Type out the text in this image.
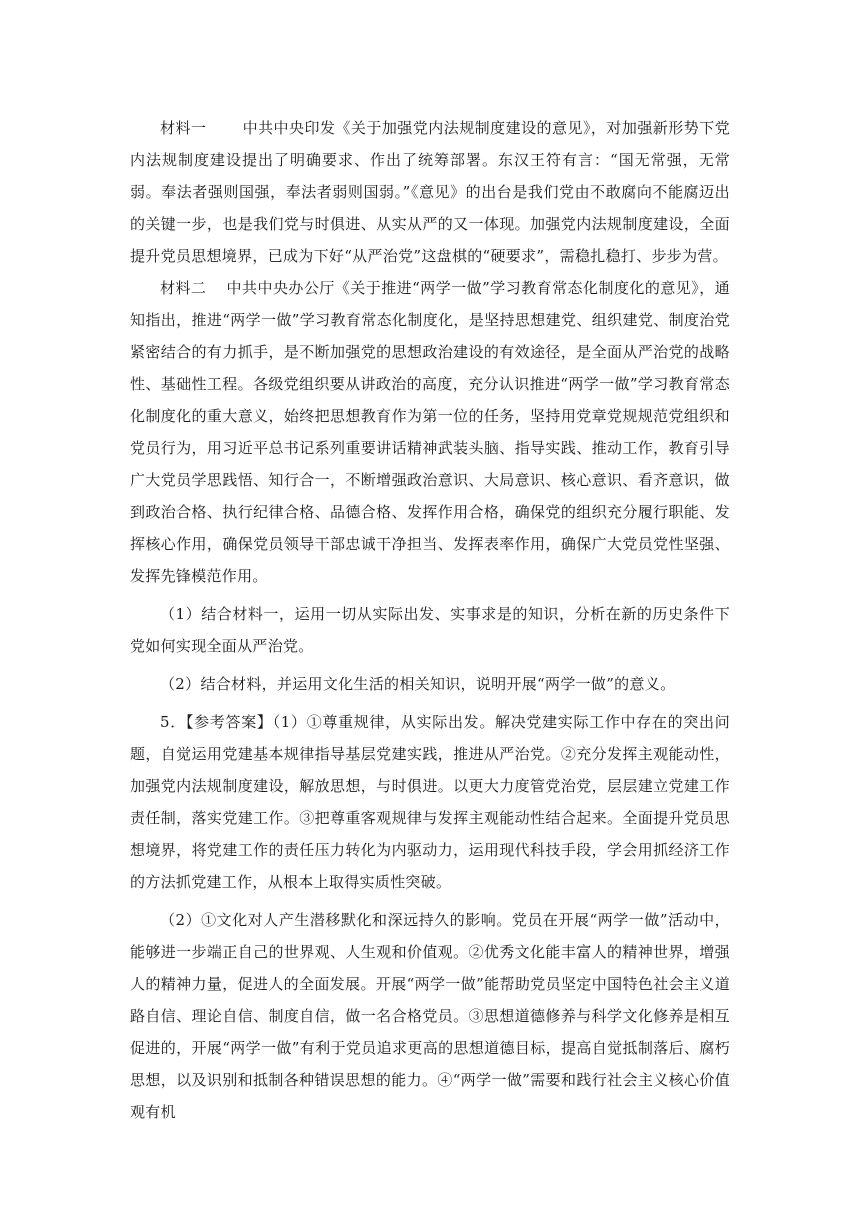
材料一 中共中央印发《关于加强党内法规制度建设的意见》，对加强新形势下党内法规制度建设提出了明确要求、作出了统筹部署。东汉王符有言：“国无常强，无常弱。奉法者强则国强，奉法者弱则国弱。”《意见》的出台是我们党由不敢腐向不能腐迈出的关键一步，也是我们党与时俱进、从实从严的又一体现。加强党内法规制度建设，全面提升党员思想境界，已成为下好“从严治党”这盘棋的“硬要求”，需稳扎稳打、步步为营。

材料二 中共中央办公厅《关于推进“两学一做”学习教育常态化制度化的意见》，通知指出，推进“两学一做”学习教育常态化制度化，是坚持思想建党、组织建党、制度治党紧密结合的有力抓手，是不断加强党的思想政治建设的有效途径，是全面从严治党的战略性、基础性工程。各级党组织要从讲政治的高度，充分认识推进“两学一做”学习教育常态化制度化的重大意义，始终把思想教育作为第一位的任务，坚持用党章党规规范党组织和党员行为，用习近平总书记系列重要讲话精神武装头脑、指导实践、推动工作，教育引导广大党员学思践悟、知行合一，不断增强政治意识、大局意识、核心意识、看齐意识，做到政治合格、执行纪律合格、品德合格、发挥作用合格，确保党的组织充分履行职能、发挥核心作用，确保党员领导干部忠诚干净担当、发挥表率作用，确保广大党员党性坚强、发挥先锋模范作用。

（1）结合材料一，运用一切从实际出发、实事求是的知识，分析在新的历史条件下党如何实现全面从严治党。

（2）结合材料，并运用文化生活的相关知识，说明开展“两学一做”的意义。

5．【参考答案】（1）①尊重规律，从实际出发。解决党建实际工作中存在的突出问题，自觉运用党建基本规律指导基层党建实践，推进从严治党。②充分发挥主观能动性，加强党内法规制度建设，解放思想，与时俱进。以更大力度管党治党，层层建立党建工作责任制，落实党建工作。③把尊重客观规律与发挥主观能动性结合起来。全面提升党员思想境界，将党建工作的责任压力转化为内驱动力，运用现代科技手段，学会用抓经济工作的方法抓党建工作，从根本上取得实质性突破。

（2）①文化对人产生潜移默化和深远持久的影响。党员在开展“两学一做”活动中，能够进一步端正自己的世界观、人生观和价值观。②优秀文化能丰富人的精神世界，增强人的精神力量，促进人的全面发展。开展“两学一做”能帮助党员坚定中国特色社会主义道路自信、理论自信、制度自信，做一名合格党员。③思想道德修养与科学文化修养是相互促进的，开展“两学一做”有利于党员追求更高的思想道德目标，提高自觉抵制落后、腐朽思想，以及识别和抵制各种错误思想的能力。④“两学一做”需要和践行社会主义核心价值观有机
